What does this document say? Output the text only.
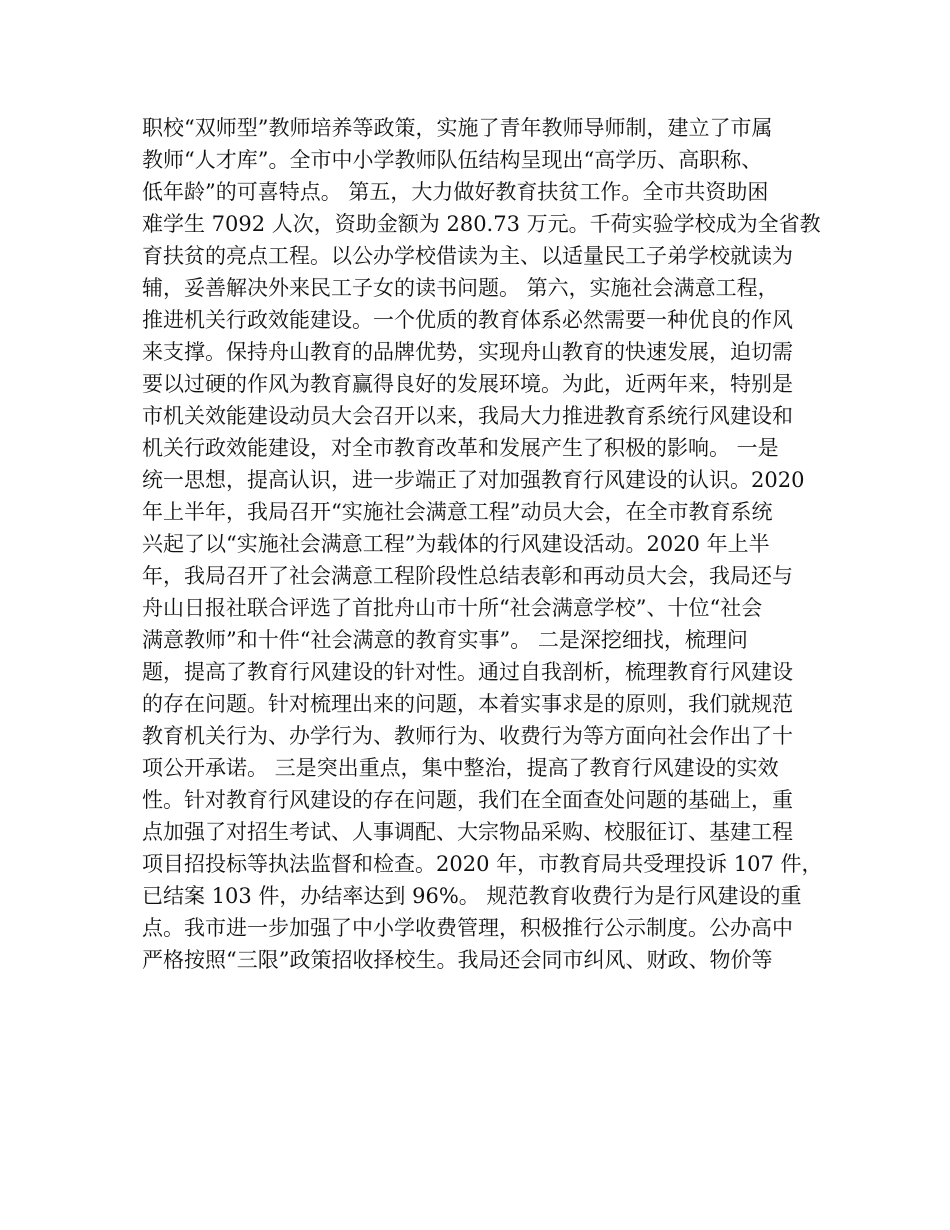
职校“双师型”教师培养等政策，实施了青年教师导师制，建立了市属
教师“人才库”。全市中小学教师队伍结构呈现出“高学历、高职称、
低年龄”的可喜特点。 第五，大力做好教育扶贫工作。全市共资助困
难学生 7092 人次，资助金额为 280.73 万元。千荷实验学校成为全省教
育扶贫的亮点工程。以公办学校借读为主、以适量民工子弟学校就读为
辅，妥善解决外来民工子女的读书问题。 第六，实施社会满意工程，
推进机关行政效能建设。一个优质的教育体系必然需要一种优良的作风
来支撑。保持舟山教育的品牌优势，实现舟山教育的快速发展，迫切需
要以过硬的作风为教育赢得良好的发展环境。为此，近两年来，特别是
市机关效能建设动员大会召开以来，我局大力推进教育系统行风建设和
机关行政效能建设，对全市教育改革和发展产生了积极的影响。 一是
统一思想，提高认识，进一步端正了对加强教育行风建设的认识。2020
年上半年，我局召开“实施社会满意工程”动员大会，在全市教育系统
兴起了以“实施社会满意工程”为载体的行风建设活动。2020 年上半
年，我局召开了社会满意工程阶段性总结表彰和再动员大会，我局还与
舟山日报社联合评选了首批舟山市十所“社会满意学校”、十位“社会
满意教师”和十件“社会满意的教育实事”。 二是深挖细找，梳理问
题，提高了教育行风建设的针对性。通过自我剖析，梳理教育行风建设
的存在问题。针对梳理出来的问题，本着实事求是的原则，我们就规范
教育机关行为、办学行为、教师行为、收费行为等方面向社会作出了十
项公开承诺。 三是突出重点，集中整治，提高了教育行风建设的实效
性。针对教育行风建设的存在问题，我们在全面查处问题的基础上，重
点加强了对招生考试、人事调配、大宗物品采购、校服征订、基建工程
项目招投标等执法监督和检查。2020 年，市教育局共受理投诉 107 件，
已结案 103 件，办结率达到 96%。 规范教育收费行为是行风建设的重
点。我市进一步加强了中小学收费管理，积极推行公示制度。公办高中
严格按照“三限”政策招收择校生。我局还会同市纠风、财政、物价等
